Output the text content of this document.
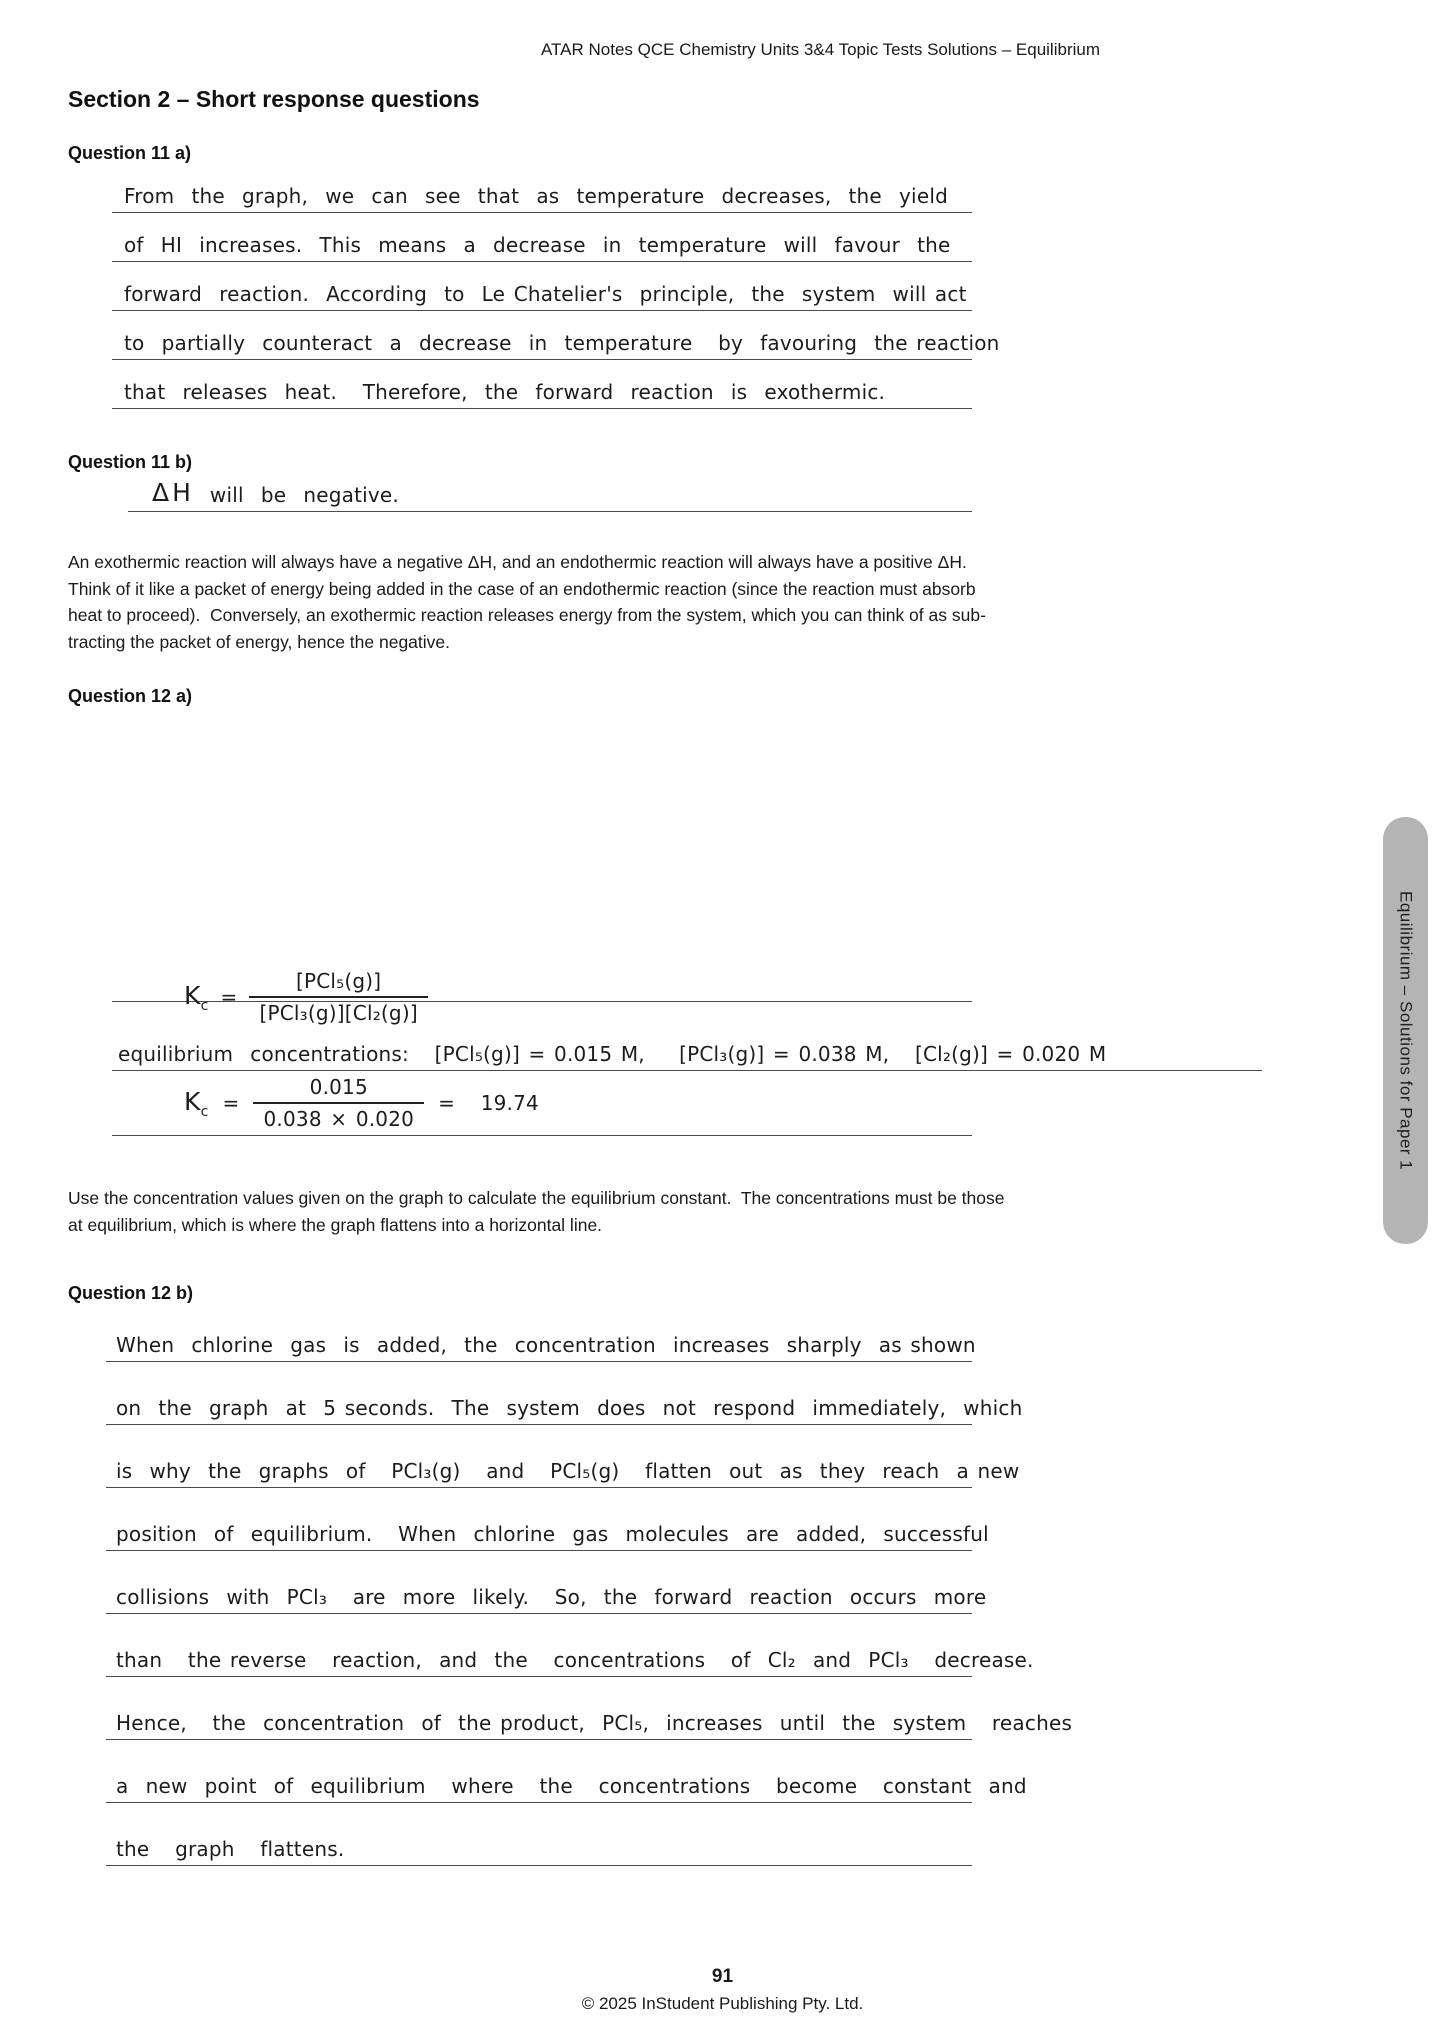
ATAR Notes QCE Chemistry Units 3&4 Topic Tests Solutions – Equilibrium
Section 2 – Short response questions
Question 11 a)
From  the  graph,  we  can  see  that  as  temperature  decreases,  the  yield
of  HI  increases.  This  means  a  decrease  in  temperature  will  favour  the
forward  reaction.  According  to  Le Chatelier's  principle,  the  system  will act
to  partially  counteract  a  decrease  in  temperature   by  favouring  the reaction
that  releases  heat.   Therefore,  the  forward  reaction  is  exothermic.
Question 11 b)
ΔH will  be  negative.
An exothermic reaction will always have a negative ΔH, and an endothermic reaction will always have a positive ΔH.
Think of it like a packet of energy being added in the case of an endothermic reaction (since the reaction must absorb
heat to proceed).  Conversely, an exothermic reaction releases energy from the system, which you can think of as sub-
tracting the packet of energy, hence the negative.
Question 12 a)
$K_c = \frac{\text{[PCl₅(g)]}}{\text{[PCl₃(g)][Cl₂(g)]}}$
equilibrium  concentrations:   [PCl₅(g)] = 0.015 M,    [PCl₃(g)] = 0.038 M,   [Cl₂(g)] = 0.020 M
$K_c = \frac{0.015}{0.038 \times 0.020} = 19.74$
Use the concentration values given on the graph to calculate the equilibrium constant.  The concentrations must be those
at equilibrium, which is where the graph flattens into a horizontal line.
Question 12 b)
When  chlorine  gas  is  added,  the  concentration  increases  sharply  as shown
on  the  graph  at  5 seconds.  The  system  does  not  respond  immediately,  which
is  why  the  graphs  of   PCl₃(g)   and   PCl₅(g)   flatten  out  as  they  reach  a new
position  of  equilibrium.   When  chlorine  gas  molecules  are  added,  successful
collisions  with  PCl₃   are  more  likely.   So,  the  forward  reaction  occurs  more
than   the reverse   reaction,  and  the   concentrations   of  Cl₂  and  PCl₃   decrease.
Hence,   the  concentration  of  the product,  PCl₅,  increases  until  the  system   reaches
a  new  point  of  equilibrium   where   the   concentrations   become   constant  and
the   graph   flattens.
Equilibrium – Solutions for Paper 1
91
© 2025 InStudent Publishing Pty. Ltd.
